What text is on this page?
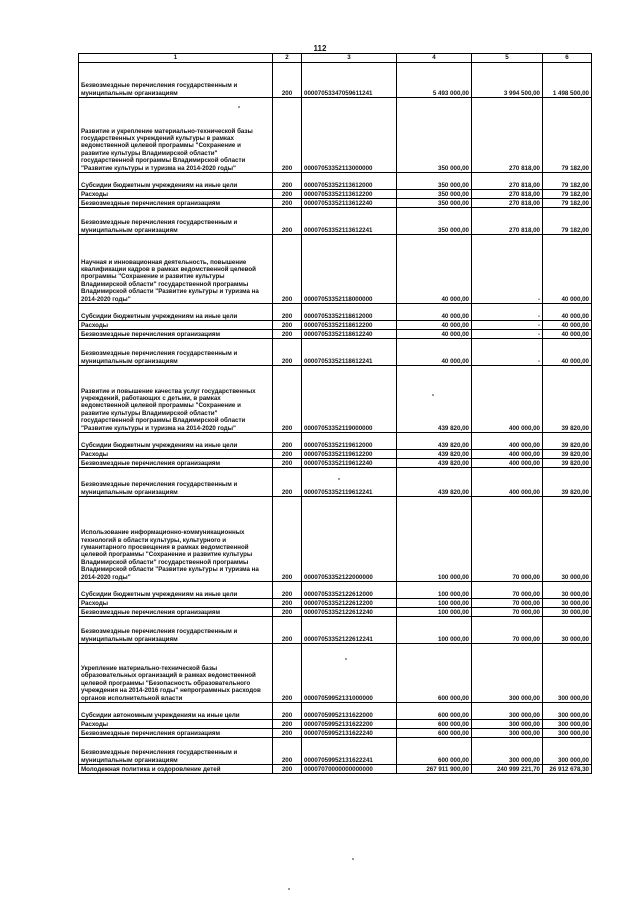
112
1	2	3	4	5	6
Безвозмездные перечисления государственным и муниципальным организациям	200	00007053347059611241	5 493 000,00	3 994 500,00	1 498 500,00
Развитие и укрепление материально-технической базы государственных учреждений культуры в рамках ведомственной целевой программы "Сохранение и развитие культуры Владимирской области" государственной программы Владимирской области "Развитие культуры и туризма на 2014-2020 годы"	200	00007053352113000000	350 000,00	270 818,00	79 182,00
Субсидии бюджетным учреждениям на иные цели	200	00007053352113612000	350 000,00	270 818,00	79 182,00
Расходы	200	00007053352113612200	350 000,00	270 818,00	79 182,00
Безвозмездные перечисления организациям	200	00007053352113612240	350 000,00	270 818,00	79 182,00
Безвозмездные перечисления государственным и муниципальным организациям	200	00007053352113612241	350 000,00	270 818,00	79 182,00
Научная и инновационная деятельность, повышение квалификации кадров в рамках ведомственной целевой программы "Сохранение и развитие культуры Владимирской области" государственной программы Владимирской области "Развитие культуры и туризма на 2014-2020 годы"	200	00007053352118000000	40 000,00	-	40 000,00
Субсидии бюджетным учреждениям на иные цели	200	00007053352118612000	40 000,00	-	40 000,00
Расходы	200	00007053352118612200	40 000,00	-	40 000,00
Безвозмездные перечисления организациям	200	00007053352118612240	40 000,00	-	40 000,00
Безвозмездные перечисления государственным и муниципальным организациям	200	00007053352118612241	40 000,00	-	40 000,00
Развитие и повышение качества услуг государственных учреждений, работающих с детьми, в рамках ведомственной целевой программы "Сохранение и развитие культуры Владимирской области" государственной программы Владимирской области "Развитие культуры и туризма на 2014-2020 годы"	200	00007053352119000000	439 820,00	400 000,00	39 820,00
Субсидии бюджетным учреждениям на иные цели	200	00007053352119612000	439 820,00	400 000,00	39 820,00
Расходы	200	00007053352119612200	439 820,00	400 000,00	39 820,00
Безвозмездные перечисления организациям	200	00007053352119612240	439 820,00	400 000,00	39 820,00
Безвозмездные перечисления государственным и муниципальным организациям	200	00007053352119612241	439 820,00	400 000,00	39 820,00
Использование информационно-коммуникационных технологий в области культуры, культурного и гуманитарного просвещения в рамках ведомственной целевой программы "Сохранение и развитие культуры Владимирской области" государственной программы Владимирской области "Развитие культуры и туризма на 2014-2020 годы"	200	00007053352122000000	100 000,00	70 000,00	30 000,00
Субсидии бюджетным учреждениям на иные цели	200	00007053352122612000	100 000,00	70 000,00	30 000,00
Расходы	200	00007053352122612200	100 000,00	70 000,00	30 000,00
Безвозмездные перечисления организациям	200	00007053352122612240	100 000,00	70 000,00	30 000,00
Безвозмездные перечисления государственным и муниципальным организациям	200	00007053352122612241	100 000,00	70 000,00	30 000,00
Укрепление материально-технической базы образовательных организаций в рамках ведомственной целевой программы "Безопасность образовательного учреждения на 2014-2016 годы" непрограммных расходов органов исполнительной власти	200	00007059952131000000	600 000,00	300 000,00	300 000,00
Субсидии автономным учреждениям на иные цели	200	00007059952131622000	600 000,00	300 000,00	300 000,00
Расходы	200	00007059952131622200	600 000,00	300 000,00	300 000,00
Безвозмездные перечисления организациям	200	00007059952131622240	600 000,00	300 000,00	300 000,00
Безвозмездные перечисления государственным и муниципальным организациям	200	00007059952131622241	600 000,00	300 000,00	300 000,00
Молодежная политика и оздоровление детей	200	00007070000000000000	267 911 900,00	240 999 221,70	26 912 678,30
